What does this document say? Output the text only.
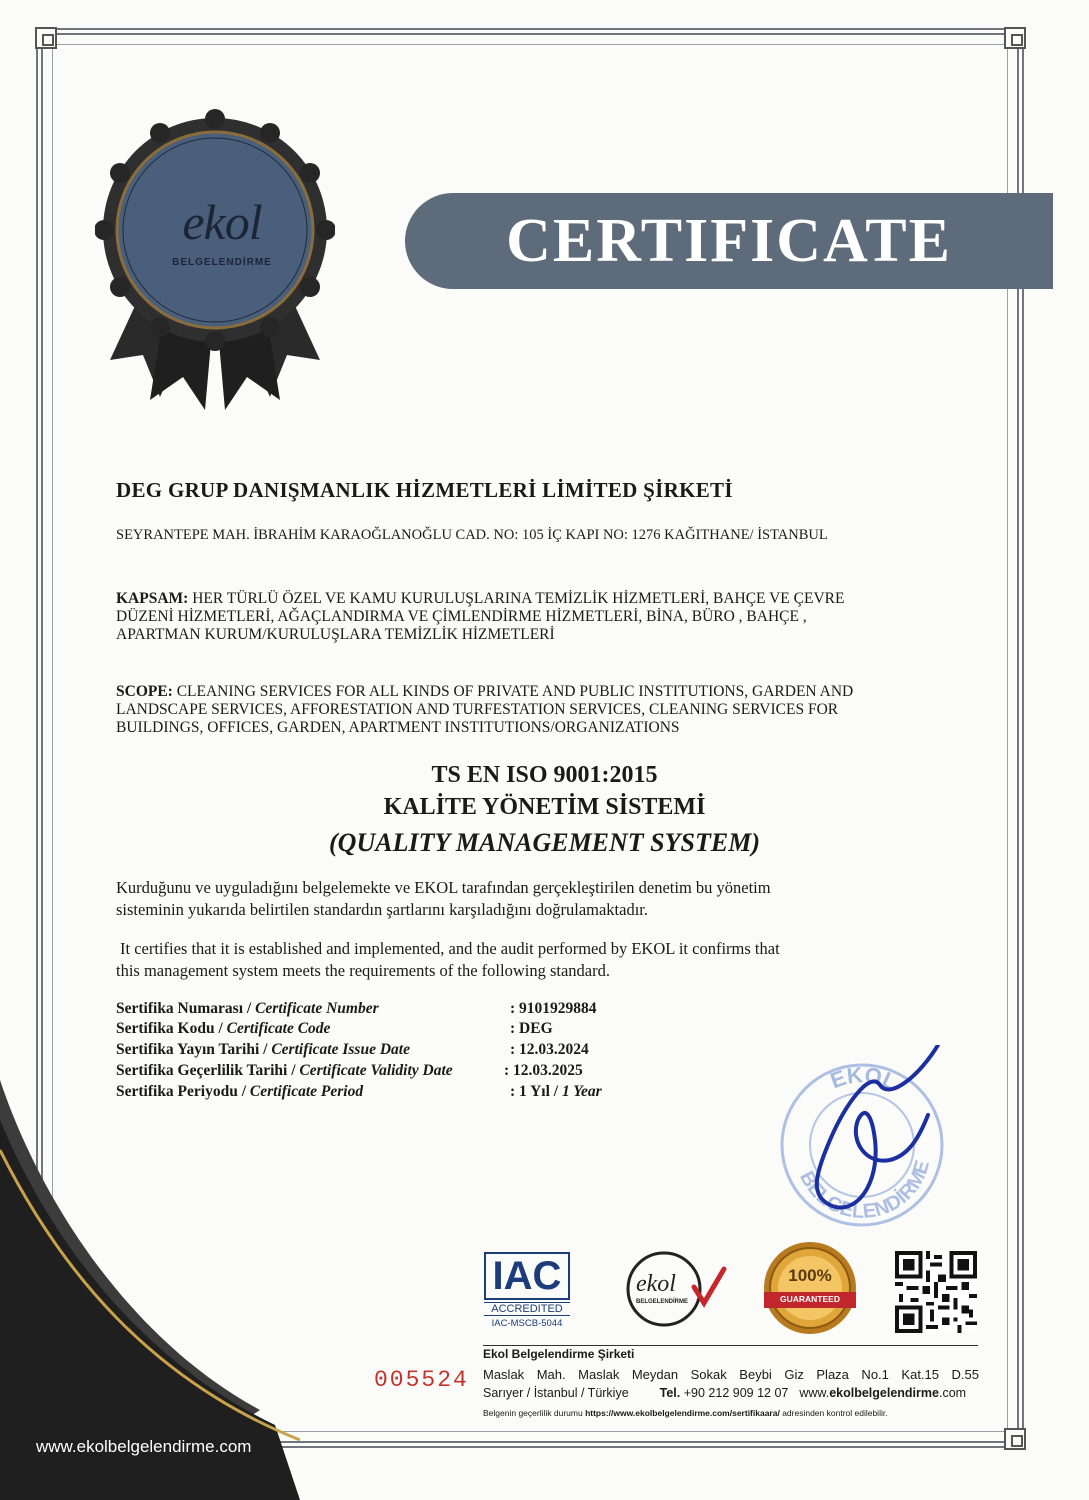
ekol
BELGELENDİRME	CERTIFICATE
DEG GRUP DANIŞMANLIK HİZMETLERİ LİMİTED ŞİRKETİ
SEYRANTEPE MAH. İBRAHİM KARAOĞLANOĞLU CAD. NO: 105 İÇ KAPI NO: 1276 KAĞITHANE/ İSTANBUL
KAPSAM: HER TÜRLÜ ÖZEL VE KAMU KURULUŞLARINA TEMİZLİK HİZMETLERİ, BAHÇE VE ÇEVRE
DÜZENİ HİZMETLERİ, AĞAÇLANDIRMA VE ÇİMLENDİRME HİZMETLERİ, BİNA, BÜRO , BAHÇE ,
APARTMAN KURUM/KURULUŞLARA TEMİZLİK HİZMETLERİ
SCOPE: CLEANING SERVICES FOR ALL KINDS OF PRIVATE AND PUBLIC INSTITUTIONS, GARDEN AND
LANDSCAPE SERVICES, AFFORESTATION AND TURFESTATION SERVICES, CLEANING SERVICES FOR
BUILDINGS, OFFICES, GARDEN, APARTMENT INSTITUTIONS/ORGANIZATIONS
TS EN ISO 9001:2015
KALİTE YÖNETİM SİSTEMİ
(QUALITY MANAGEMENT SYSTEM)
Kurduğunu ve uyguladığını belgelemekte ve EKOL tarafından gerçekleştirilen denetim bu yönetim
sisteminin yukarıda belirtilen standardın şartlarını karşıladığını doğrulamaktadır.
It certifies that it is established and implemented, and the audit performed by EKOL it confirms that
this management system meets the requirements of the following standard.
Sertifika Numarası / Certificate Number	: 9101929884
Sertifika Kodu / Certificate Code	: DEG
Sertifika Yayın Tarihi / Certificate Issue Date	: 12.03.2024
Sertifika Geçerlilik Tarihi / Certificate Validity Date	: 12.03.2025
Sertifika Periyodu / Certificate Period	: 1 Yıl / 1 Year	EKOL
BELGELENDİRME
IAC
ACCREDITED
IAC-MSCB-5044
ekol
BELGELENDİRME
100%
GUARANTEED
Ekol Belgelendirme Şirketi
Maslak Mah. Maslak Meydan Sokak Beybi Giz Plaza No.1 Kat.15 D.55
Sarıyer / İstanbul / Türkiye Tel. +90 212 909 12 07 www.ekolbelgelendirme.com
Belgenin geçerlilik durumu https://www.ekolbelgelendirme.com/sertifikaara/ adresinden kontrol edilebilir.
005524
www.ekolbelgelendirme.com
